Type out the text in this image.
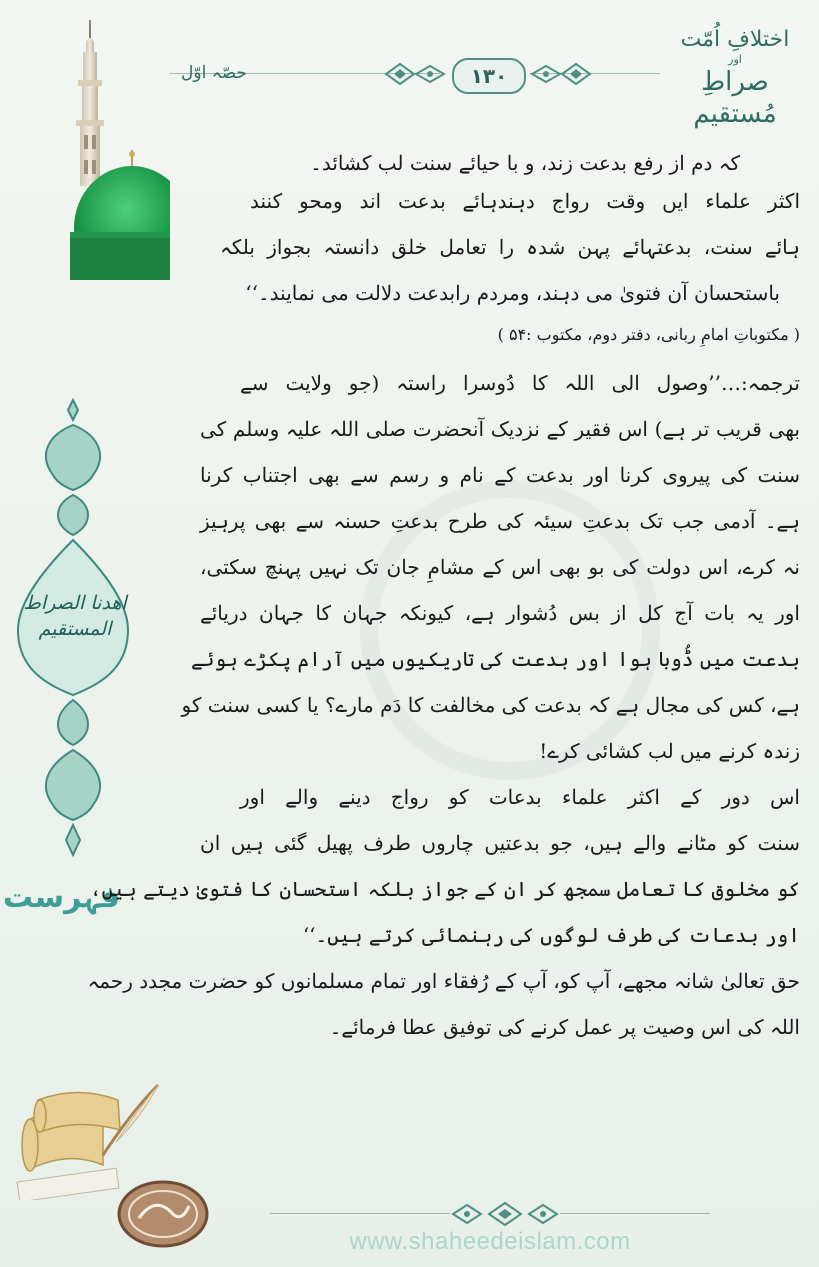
۱۳۰
حصّہ اوّل
اختلافِ اُمّت
اور
صراطِ مُستقیم
اھدنا الصراط المستقیم
فہرست
کہ دم از رفع بدعت زند، و با حیائے سنت لب کشائد۔
اکثر علماء ایں وقت رواج دہندہائے بدعت اند ومحو کنند
ہائے سنت، بدعتہائے پہن شدہ را تعامل خلق دانستہ بجواز بلکہ
باستحسان آن فتویٰ می دہند، ومردم رابدعت دلالت می نمایند۔‘‘
( مکتوباتِ امامِ ربانی، دفتر دوم، مکتوب :۵۴ )
ترجمہ:…’’وصول الی اللہ کا دُوسرا راستہ (جو ولایت سے
بھی قریب تر ہے) اس فقیر کے نزدیک آنحضرت صلی اللہ علیہ وسلم کی
سنت کی پیروی کرنا اور بدعت کے نام و رسم سے بھی اجتناب کرنا
ہے۔ آدمی جب تک بدعتِ سیئہ کی طرح بدعتِ حسنہ سے بھی پرہیز
نہ کرے، اس دولت کی بو بھی اس کے مشامِ جان تک نہیں پہنچ سکتی،
اور یہ بات آج کل از بس دُشوار ہے، کیونکہ جہان کا جہان دریائے
بدعت میں ڈُوبا ہوا اور بدعت کی تاریکیوں میں آرام پکڑے ہوئے
ہے، کس کی مجال ہے کہ بدعت کی مخالفت کا دَم مارے؟ یا کسی سنت کو
زندہ کرنے میں لب کشائی کرے!
اس دور کے اکثر علماء بدعات کو رواج دینے والے اور
سنت کو مٹانے والے ہیں، جو بدعتیں چاروں طرف پھیل گئی ہیں ان
کو مخلوق کا تعامل سمجھ کر ان کے جواز بلکہ استحسان کا فتویٰ دیتے ہیں،
اور بدعات کی طرف لوگوں کی رہنمائی کرتے ہیں۔‘‘
حق تعالیٰ شانہ مجھے، آپ کو، آپ کے رُفقاء اور تمام مسلمانوں کو حضرت مجدد رحمہ
اللہ کی اس وصیت پر عمل کرنے کی توفیق عطا فرمائے۔
www.shaheedeislam.com
